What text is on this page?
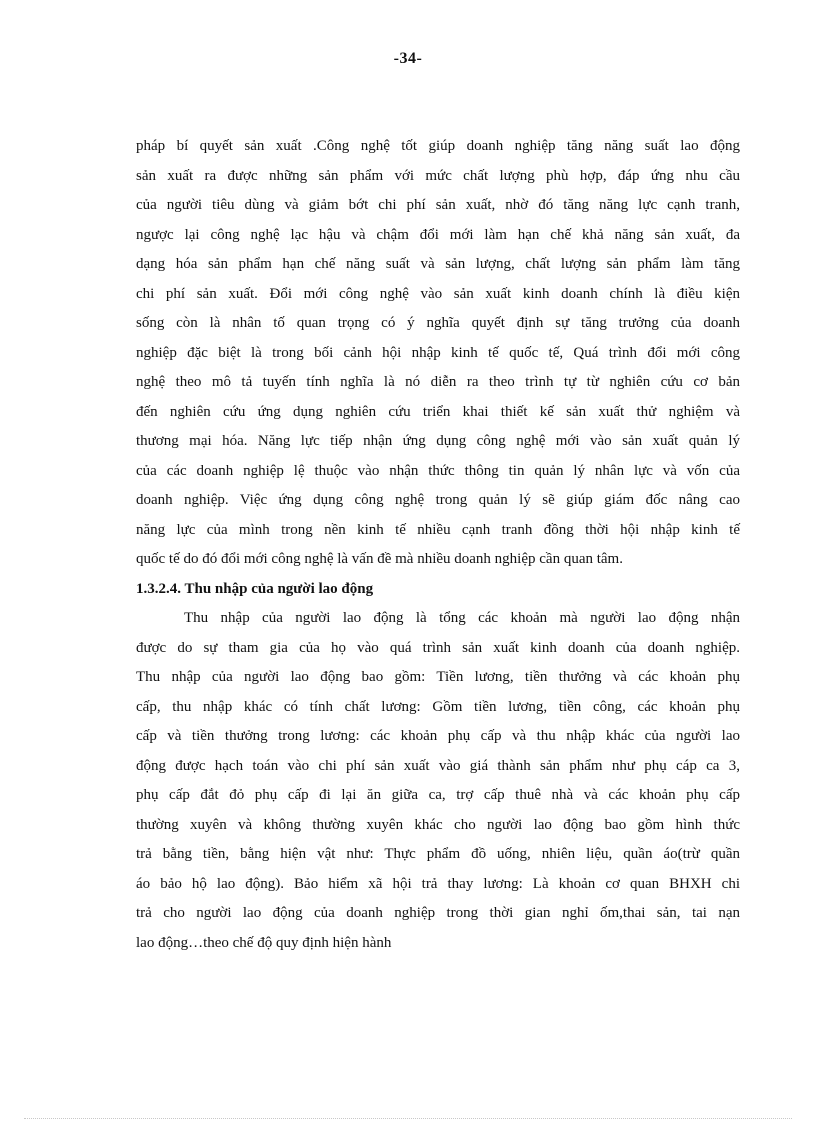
-34-
pháp bí quyết sản xuất .Công nghệ tốt giúp doanh nghiệp tăng năng suất lao động
sản xuất ra được những sản phẩm với mức chất lượng phù hợp, đáp ứng nhu cầu
của người tiêu dùng và giảm bớt chi phí sản xuất, nhờ đó tăng năng lực cạnh tranh,
ngược lại công nghệ lạc hậu và chậm đổi mới làm hạn chế khả năng sản xuất, đa
dạng hóa sản phẩm hạn chế năng suất và sản lượng, chất lượng sản phẩm làm tăng
chi phí sản xuất. Đổi mới công nghệ vào sản xuất kinh doanh chính là điều kiện
sống còn là nhân tố quan trọng có ý nghĩa quyết định sự tăng trưởng của doanh
nghiệp đặc biệt là trong bối cảnh hội nhập kinh tế quốc tế, Quá trình đổi mới công
nghệ theo mô tả tuyến tính nghĩa là nó diễn ra theo trình tự từ nghiên cứu cơ bản
đến nghiên cứu ứng dụng nghiên cứu triển khai thiết kế sản xuất thử nghiệm và
thương mại hóa. Năng lực tiếp nhận ứng dụng công nghệ mới vào sản xuất quản lý
của các doanh nghiệp lệ thuộc vào nhận thức thông tin quản lý nhân lực và vốn của
doanh nghiệp. Việc ứng dụng công nghệ trong quản lý sẽ giúp giám đốc nâng cao
năng lực của mình trong nền kinh tế nhiều cạnh tranh đồng thời hội nhập kinh tế
quốc tế do đó đổi mới công nghệ là vấn đề mà nhiều doanh nghiệp cần quan tâm.
1.3.2.4. Thu nhập của người lao động
Thu nhập của người lao động là tổng các khoản mà người lao động nhận
được do sự tham gia của họ vào quá trình sản xuất kinh doanh của doanh nghiệp.
Thu nhập của người lao động bao gồm: Tiền lương, tiền thưởng và các khoản phụ
cấp, thu nhập khác có tính chất lương: Gồm tiền lương, tiền công, các khoản phụ
cấp và tiền thưởng trong lương: các khoản phụ cấp và thu nhập khác của người lao
động được hạch toán vào chi phí sản xuất vào giá thành sản phẩm như phụ cáp ca 3,
phụ cấp đắt đỏ phụ cấp đi lại ăn giữa ca, trợ cấp thuê nhà và các khoản phụ cấp
thường xuyên và không thường xuyên khác cho người lao động bao gồm hình thức
trả bằng tiền, bằng hiện vật như: Thực phẩm đồ uống, nhiên liệu, quần áo(trừ quần
áo bảo hộ lao động). Bảo hiểm xã hội trả thay lương: Là khoản cơ quan BHXH chi
trả cho người lao động của doanh nghiệp trong thời gian nghỉ ốm,thai sản, tai nạn
lao động…theo chế độ quy định hiện hành
